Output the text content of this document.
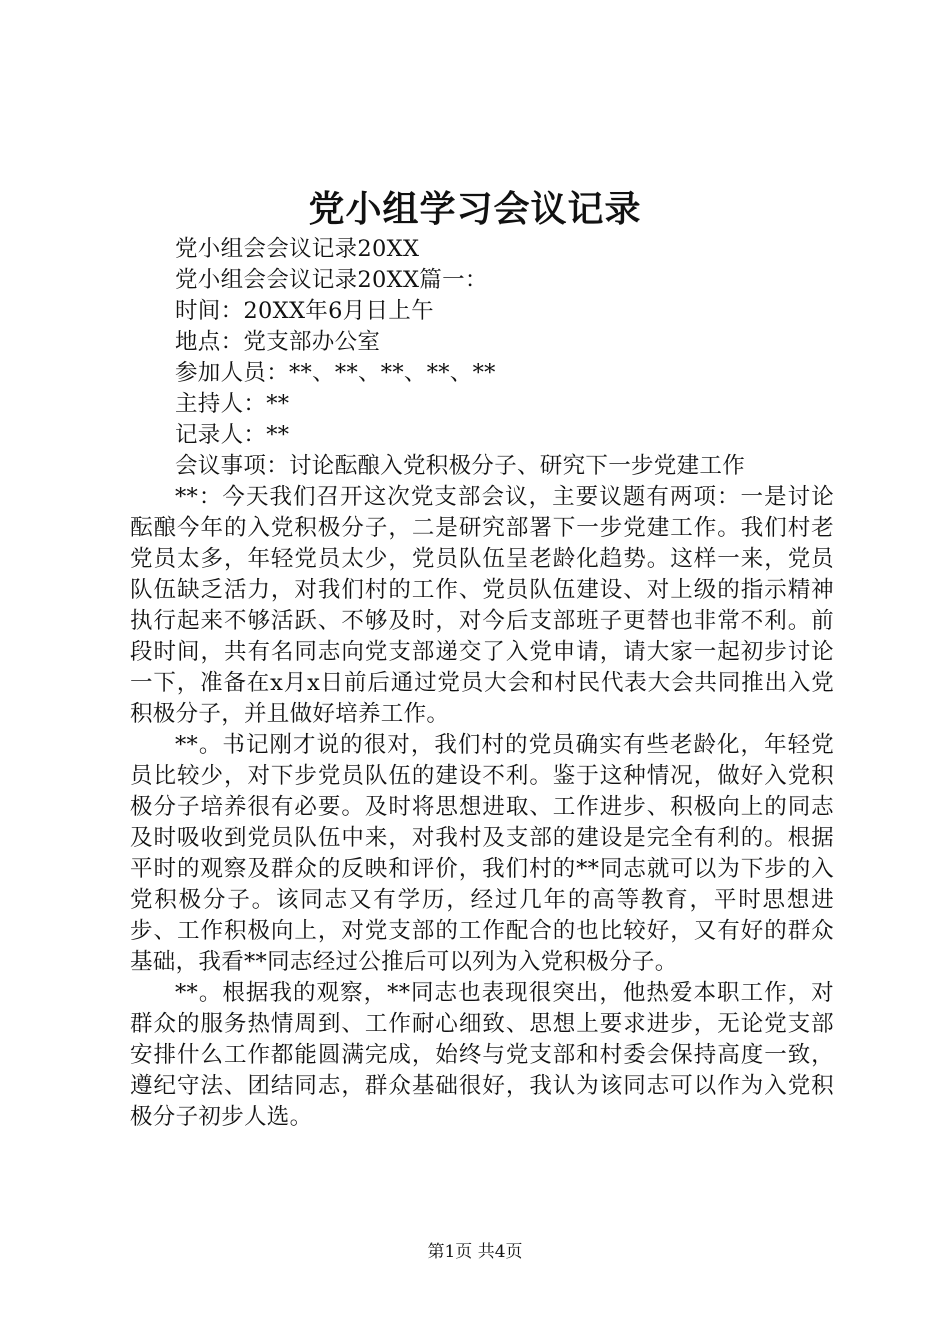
党小组学习会议记录

党小组会会议记录20XX

党小组会会议记录20XX篇一：

时间：20XX年6月日上午

地点：党支部办公室

参加人员：**、**、**、**、**

主持人：**

记录人：**

会议事项：讨论酝酿入党积极分子、研究下一步党建工作

**：今天我们召开这次党支部会议，主要议题有两项：一是讨论酝酿今年的入党积极分子，二是研究部署下一步党建工作。我们村老党员太多，年轻党员太少，党员队伍呈老龄化趋势。这样一来，党员队伍缺乏活力，对我们村的工作、党员队伍建设、对上级的指示精神执行起来不够活跃、不够及时，对今后支部班子更替也非常不利。前段时间，共有名同志向党支部递交了入党申请，请大家一起初步讨论一下，准备在x月x日前后通过党员大会和村民代表大会共同推出入党积极分子，并且做好培养工作。

**。书记刚才说的很对，我们村的党员确实有些老龄化，年轻党员比较少，对下步党员队伍的建设不利。鉴于这种情况，做好入党积极分子培养很有必要。及时将思想进取、工作进步、积极向上的同志及时吸收到党员队伍中来，对我村及支部的建设是完全有利的。根据平时的观察及群众的反映和评价，我们村的**同志就可以为下步的入党积极分子。该同志又有学历，经过几年的高等教育，平时思想进步、工作积极向上，对党支部的工作配合的也比较好，又有好的群众基础，我看**同志经过公推后可以列为入党积极分子。

**。根据我的观察，**同志也表现很突出，他热爱本职工作，对群众的服务热情周到、工作耐心细致、思想上要求进步，无论党支部安排什么工作都能圆满完成，始终与党支部和村委会保持高度一致，遵纪守法、团结同志，群众基础很好，我认为该同志可以作为入党积极分子初步人选。

第1页 共4页
